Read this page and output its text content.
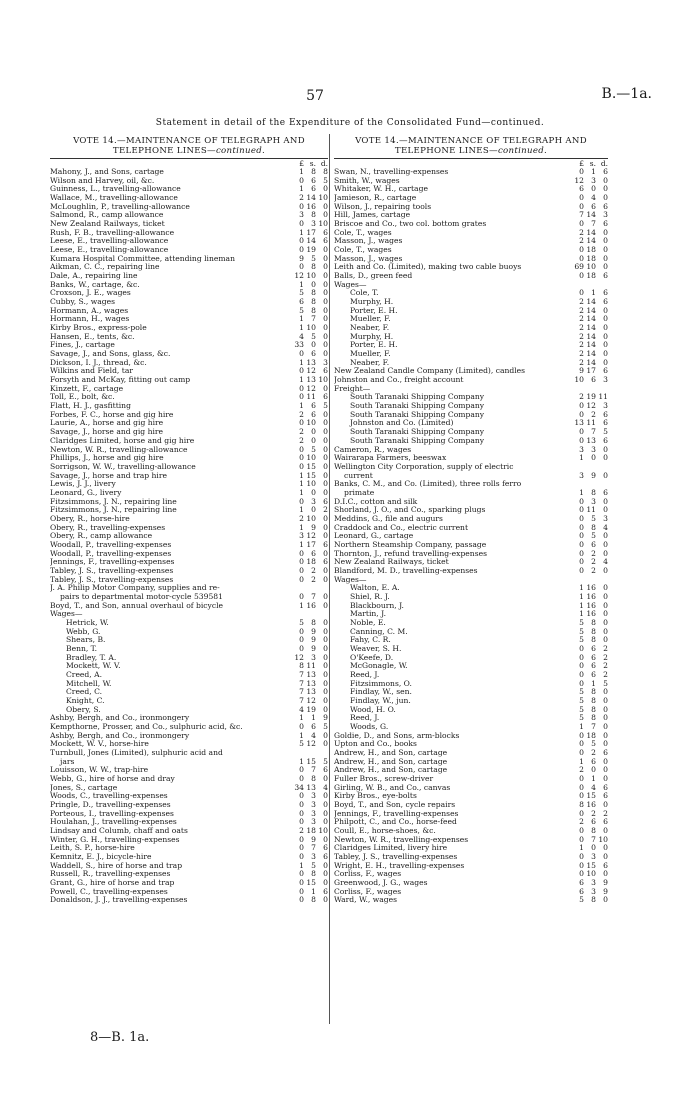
57	B.—1a.
Statement in detail of the Expenditure of the Consolidated Fund—continued.
VOTE 14.—MAINTENANCE OF TELEGRAPH AND TELEPHONE LINES—continued.
£ s. d.
Mahony, J., and Sons, cartage	1 8 8
Wilson and Harvey, oil, &c.	0 6 5
Guinness, L., travelling-allowance	1 6 0
Wallace, M., travelling-allowance	2 14 10
McLoughlin, P., travelling-allowance	0 16 0
Salmond, R., camp allowance	3 8 0
New Zealand Railways, ticket	0 3 10
Rush, F. B., travelling-allowance	1 17 6
Leese, E., travelling-allowance	0 14 6
Leese, E., travelling-allowance	0 19 0
Kumara Hospital Committee, attending lineman	9 5 0
Aikman, C. C., repairing line	0 8 0
Dale, A., repairing line	12 10 0
Banks, W., cartage, &c.	1 0 0
Croxson, J. E., wages	5 8 0
Cubby, S., wages	6 8 0
Hormann, A., wages	5 8 0
Hormann, H., wages	1 7 0
Kirby Bros., express-pole	1 10 0
Hansen, E., tents, &c.	4 5 0
Fines, J., cartage	33 0 0
Savage, J., and Sons, glass, &c.	0 6 0
Dickson, I. J., thread, &c.	1 13 3
Wilkins and Field, tar	0 12 6
Forsyth and McKay, fitting out camp	1 13 10
Kinzett, F., cartage	0 12 0
Toll, E., bolt, &c.	0 11 6
Flatt, H. J., gasfitting	1 6 5
Forbes, F. C., horse and gig hire	2 6 0
Laurie, A., horse and gig hire	0 10 0
Savage, J., horse and gig hire	2 0 0
Claridges Limited, horse and gig hire	2 0 0
Newton, W. R., travelling-allowance	0 5 0
Phillips, J., horse and gig hire	0 10 0
Sorrigson, W. W., travelling-allowance	0 15 0
Savage, J., horse and trap hire	1 15 0
Lewis, J. J., livery	1 10 0
Leonard, G., livery	1 0 0
Fitzsimmons, J. N., repairing line	0 3 6
Fitzsimmons, J. N., repairing line	1 0 2
Obery, R., horse-hire	2 10 0
Obery, R., travelling-expenses	1 9 0
Obery, R., camp allowance	3 12 0
Woodall, P., travelling-expenses	1 17 6
Woodall, P., travelling-expenses	0 6 0
Jennings, F., travelling-expenses	0 18 6
Tabley, J. S., travelling-expenses	0 2 0
Tabley, J. S., travelling-expenses	0 2 0
J. A. Philip Motor Company, supplies and re-
pairs to departmental motor-cycle 539581	0 7 0
Boyd, T., and Son, annual overhaul of bicycle	1 16 0
Wages—
Hetrick, W.	5 8 0
Webb, G.	0 9 0
Shears, B.	0 9 0
Benn, T.	0 9 0
Bradley, T. A.	12 3 0
Mockett, W. V.	8 11 0
Creed, A.	7 13 0
Mitchell, W.	7 13 0
Creed, C.	7 13 0
Knight, C.	7 12 0
Obery, S.	4 19 0
Ashby, Bergh, and Co., ironmongery	1 1 9
Kempthorne, Prosser, and Co., sulphuric acid, &c.	0 6 5
Ashby, Bergh, and Co., ironmongery	1 4 0
Mockett, W. V., horse-hire	5 12 0
Turnbull, Jones (Limited), sulphuric acid and
jars	1 15 5
Louisson, W. W., trap-hire	0 7 6
Webb, G., hire of horse and dray	0 8 0
Jones, S., cartage	34 13 4
Woods, C., travelling-expenses	0 3 0
Pringle, D., travelling-expenses	0 3 0
Porteous, I., travelling-expenses	0 3 0
Houlahan, J., travelling-expenses	0 3 0
Lindsay and Columb, chaff and oats	2 18 10
Winter, G. H., travelling-expenses	0 9 0
Leith, S. P., horse-hire	0 7 6
Kemnitz, E. J., bicycle-hire	0 3 6
Waddell, S., hire of horse and trap	1 5 0
Russell, R., travelling-expenses	0 8 0
Grant, G., hire of horse and trap	0 15 0
Powell, C., travelling-expenses	0 1 6
Donaldson, J. J., travelling-expenses	0 8 0
VOTE 14.—MAINTENANCE OF TELEGRAPH AND TELEPHONE LINES—continued.
£ s. d.
Swan, N., travelling-expenses	0 1 6
Smith, W., wages	12 3 0
Whitaker, W. H., cartage	6 0 0
Jamieson, R., cartage	0 4 0
Wilson, J., repairing tools	0 6 6
Hill, James, cartage	7 14 3
Briscoe and Co., two col. bottom grates	0 7 6
Cole, T., wages	2 14 0
Masson, J., wages	2 14 0
Cole, T., wages	0 18 0
Masson, J., wages	0 18 0
Leith and Co. (Limited), making two cable buoys	69 10 0
Balls, D., green feed	0 18 6
Wages—
Cole, T.	0 1 6
Murphy, H.	2 14 6
Porter, E. H.	2 14 0
Mueller, F.	2 14 0
Neaber, F.	2 14 0
Murphy, H.	2 14 0
Porter, E. H.	2 14 0
Mueller, F.	2 14 0
Neaber, F.	2 14 0
New Zealand Candle Company (Limited), candles	9 17 6
Johnston and Co., freight account	10 6 3
Freight—
South Taranaki Shipping Company	2 19 11
South Taranaki Shipping Company	0 12 3
South Taranaki Shipping Company	0 2 6
Johnston and Co. (Limited)	13 11 6
South Taranaki Shipping Company	0 7 5
South Taranaki Shipping Company	0 13 6
Cameron, R., wages	3 3 0
Wairarapa Farmers, beeswax	1 0 0
Wellington City Corporation, supply of electric
current	3 9 0
Banks, C. M., and Co. (Limited), three rolls ferro
primate	1 8 6
D.I.C., cotton and silk	0 3 0
Shorland, J. O., and Co., sparking plugs	0 11 0
Meddins, G., file and augurs	0 5 3
Craddock and Co., electric current	0 8 4
Leonard, G., cartage	0 5 0
Northern Steamship Company, passage	0 6 0
Thornton, J., refund travelling-expenses	0 2 0
New Zealand Railways, ticket	0 2 4
Blandford, M. D., travelling-expenses	0 2 0
Wages—
Walton, E. A.	1 16 0
Shiel, R. J.	1 16 0
Blackbourn, J.	1 16 0
Martin, J.	1 16 0
Noble, E.	5 8 0
Canning, C. M.	5 8 0
Fahy, C. R.	5 8 0
Weaver, S. H.	0 6 2
O'Keefe, D.	0 6 2
McGonagle, W.	0 6 2
Reed, J.	0 6 2
Fitzsimmons, O.	0 1 5
Findlay, W., sen.	5 8 0
Findlay, W., jun.	5 8 0
Wood, H. O.	5 8 0
Reed, J.	5 8 0
Woods, G.	1 7 0
Goldie, D., and Sons, arm-blocks	0 18 0
Upton and Co., books	0 5 0
Andrew, H., and Son, cartage	0 2 6
Andrew, H., and Son, cartage	1 6 0
Andrew, H., and Son, cartage	2 0 0
Fuller Bros., screw-driver	0 1 0
Girling, W. B., and Co., canvas	0 4 6
Kirby Bros., eye-bolts	0 15 6
Boyd, T., and Son, cycle repairs	8 16 0
Jennings, F., travelling-expenses	0 2 2
Philpott, C., and Co., horse-feed	2 6 6
Coull, E., horse-shoes, &c.	0 8 0
Newton, W. R., travelling-expenses	0 7 10
Claridges Limited, livery hire	1 0 0
Tabley, J. S., travelling-expenses	0 3 0
Wright, E. H., travelling-expenses	0 15 6
Corliss, F., wages	0 10 0
Greenwood, J. G., wages	6 3 9
Corliss, F., wages	6 3 9
Ward, W., wages	5 8 0
8—B. 1a.
